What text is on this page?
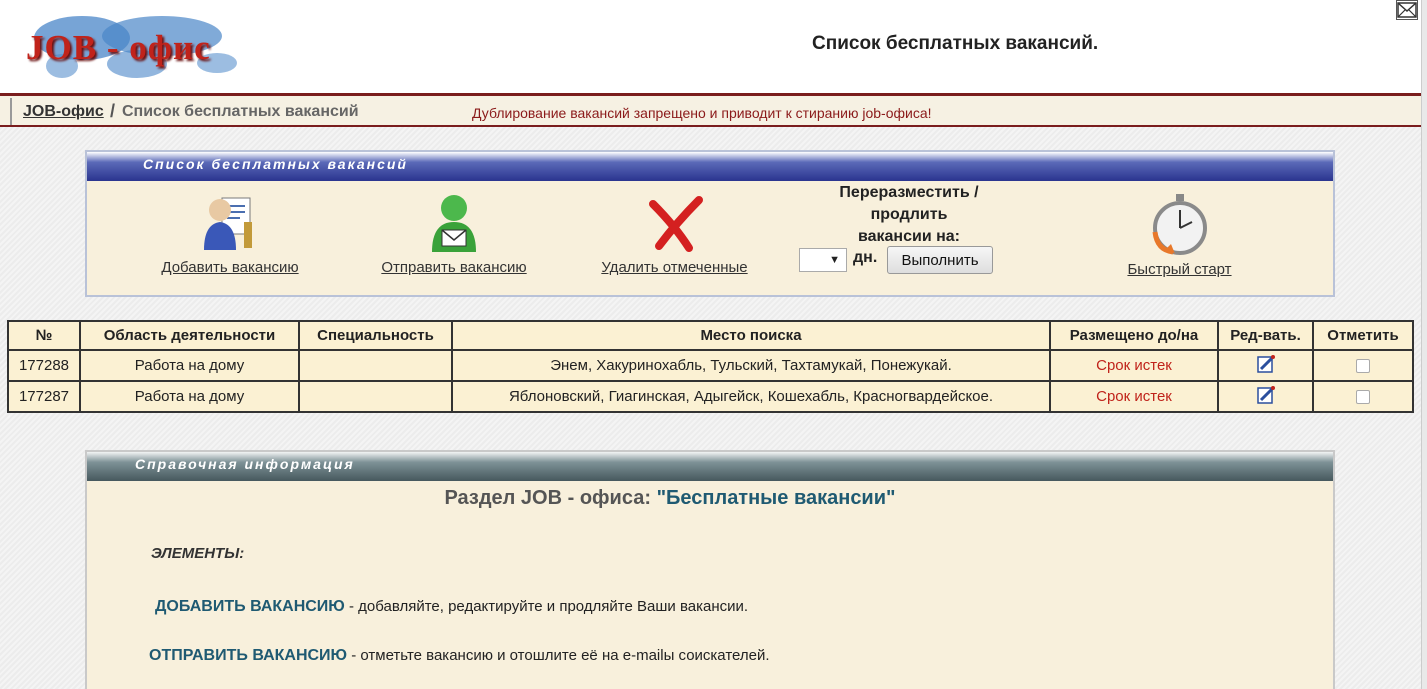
JOB - офис	Список бесплатных вакансий.
JOB-офис / Список бесплатных вакансий	Дублирование вакансий запрещено и приводит к стиранию job-офиса!
Список бесплатных вакансий
Добавить вакансию	Отправить вакансию	Удалить отмеченные
Переразместить /
продлить
вакансии на:
▼ дн.	Выполнить
Быстрый старт
№	Область деятельности	Специальность	Место поиска	Размещено до/на	Ред-вать.	Отметить
177288	Работа на дому		Энем, Хакуринохабль, Тульский, Тахтамукай, Понежукай.	Срок истек		
177287	Работа на дому		Яблоновский, Гиагинская, Адыгейск, Кошехабль, Красногвардейское.	Срок истек		
Справочная информация
Раздел JOB - офиса: "Бесплатные вакансии"
ЭЛЕМЕНТЫ:
ДОБАВИТЬ ВАКАНСИЮ - добавляйте, редактируйте и продляйте Ваши вакансии.
ОТПРАВИТЬ ВАКАНСИЮ - отметьте вакансию и отошлите её на e-mailы соискателей.
